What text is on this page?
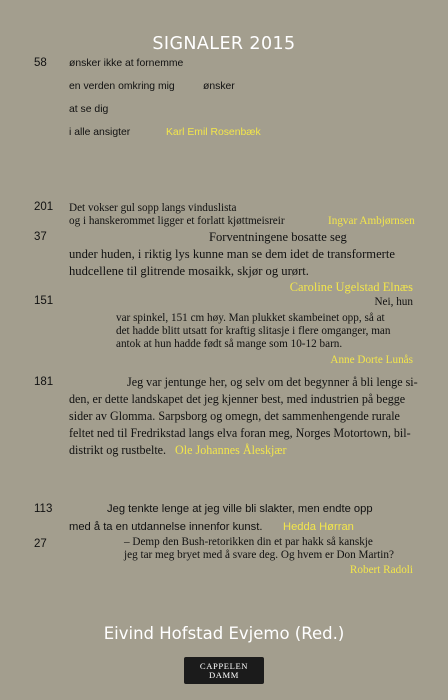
SIGNALER 2015
58 ønsker ikke at fornemme
en verden omkring mig	ønsker
at se dig
i alle ansigter	Karl Emil Rosenbæk
201 Det vokser gul sopp langs vinduslista
og i hanskerommet ligger et forlatt kjøttmeisreir	Ingvar Ambjørnsen
37	Forventningene bosatte seg
under huden, i riktig lys kunne man se dem idet de transformerte
hudcellene til glitrende mosaikk, skjør og urørt.
Caroline Ugelstad Elnæs
151	Nei, hun
var spinkel, 151 cm høy. Man plukket skambeinet opp, så at
det hadde blitt utsatt for kraftig slitasje i flere omganger, man
antok at hun hadde født så mange som 10-12 barn.
Anne Dorte Lunås
181	Jeg var jentunge her, og selv om det begynner å bli lenge si-
den, er dette landskapet det jeg kjenner best, med industrien på begge
sider av Glomma. Sarpsborg og omegn, det sammenhengende rurale
feltet ned til Fredrikstad langs elva foran meg, Norges Motortown, bil-
distrikt og rustbelte. Ole Johannes Åleskjær
113	Jeg tenkte lenge at jeg ville bli slakter, men endte opp
med å ta en utdannelse innenfor kunst. Hedda Hørran
27	– Demp den Bush-retorikken din et par hakk så kanskje
jeg tar meg bryet med å svare deg. Og hvem er Don Martin?
Robert Radoli
Eivind Hofstad Evjemo (Red.)
CAPPELEN DAMM
